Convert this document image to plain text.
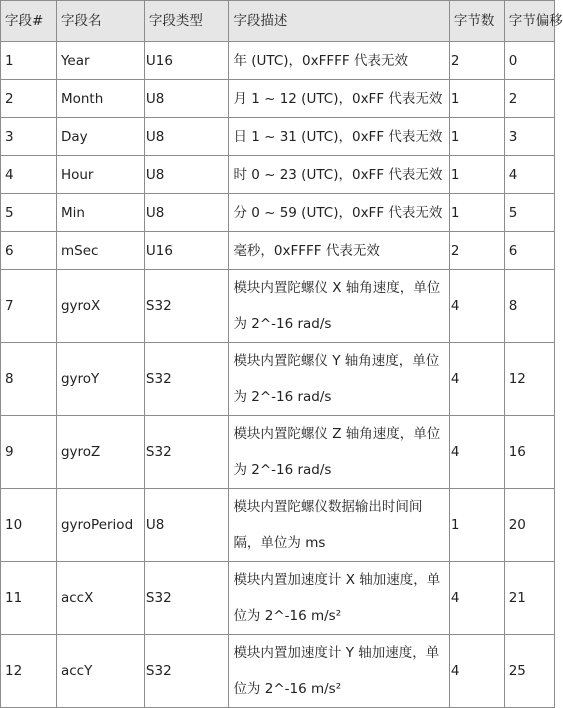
字段#	字段名	字段类型	字段描述	字节数	字节偏移
1	Year	U16	年 (UTC)，0xFFFF 代表无效	2	0
2	Month	U8	月 1 ~ 12 (UTC)，0xFF 代表无效	1	2
3	Day	U8	日 1 ~ 31 (UTC)，0xFF 代表无效	1	3
4	Hour	U8	时 0 ~ 23 (UTC)，0xFF 代表无效	1	4
5	Min	U8	分 0 ~ 59 (UTC)，0xFF 代表无效	1	5
6	mSec	U16	毫秒，0xFFFF 代表无效	2	6
7	gyroX	S32	模块内置陀螺仪 X 轴角速度，单位为 2^-16 rad/s	4	8
8	gyroY	S32	模块内置陀螺仪 Y 轴角速度，单位为 2^-16 rad/s	4	12
9	gyroZ	S32	模块内置陀螺仪 Z 轴角速度，单位为 2^-16 rad/s	4	16
10	gyroPeriod	U8	模块内置陀螺仪数据输出时间间隔，单位为 ms	1	20
11	accX	S32	模块内置加速度计 X 轴加速度，单位为 2^-16 m/s²	4	21
12	accY	S32	模块内置加速度计 Y 轴加速度，单位为 2^-16 m/s²	4	25
